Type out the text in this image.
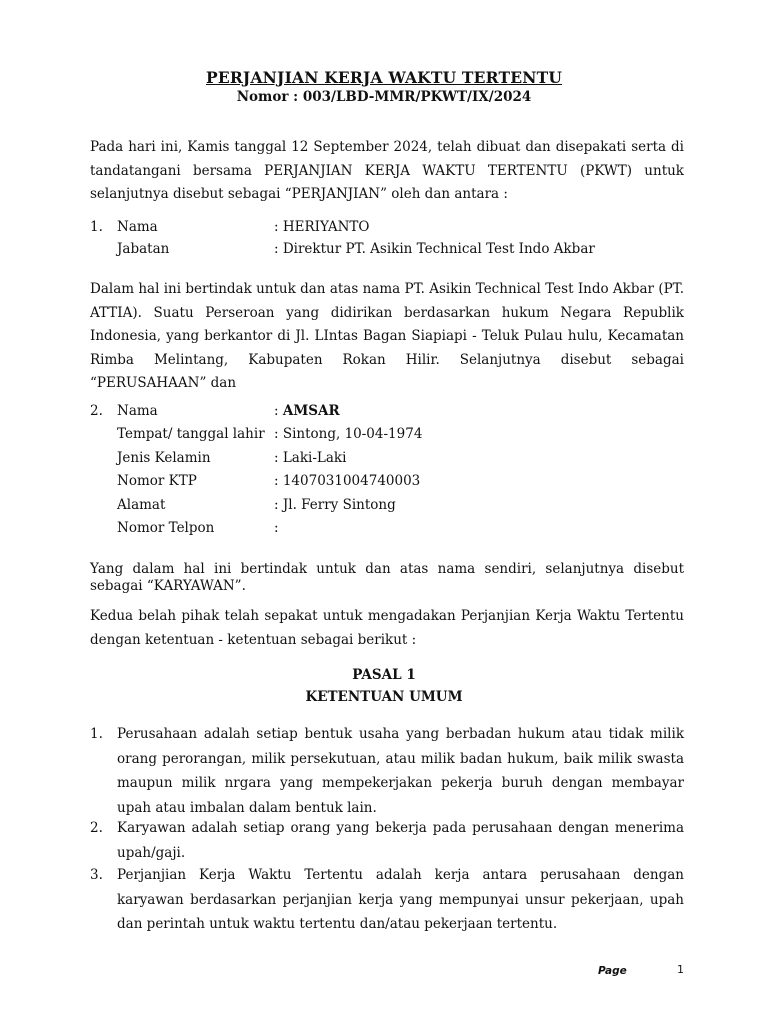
PERJANJIAN KERJA WAKTU TERTENTU
Nomor : 003/LBD-MMR/PKWT/IX/2024
Pada hari ini, Kamis tanggal 12 September 2024, telah dibuat dan disepakati serta di tandatangani bersama PERJANJIAN KERJA WAKTU TERTENTU (PKWT) untuk selanjutnya disebut sebagai “PERJANJIAN” oleh dan antara :
1. Nama	: HERIYANTO
Jabatan	: Direktur PT. Asikin Technical Test Indo Akbar
Dalam hal ini bertindak untuk dan atas nama PT. Asikin Technical Test Indo Akbar (PT. ATTIA). Suatu Perseroan yang didirikan berdasarkan hukum Negara Republik Indonesia, yang berkantor di Jl. LIntas Bagan Siapiapi - Teluk Pulau hulu, Kecamatan Rimba Melintang, Kabupaten Rokan Hilir. Selanjutnya disebut sebagai “PERUSAHAAN” dan
2. Nama	: AMSAR
Tempat/ tanggal lahir : Sintong, 10-04-1974
Jenis Kelamin	: Laki-Laki
Nomor KTP	: 1407031004740003
Alamat	: Jl. Ferry Sintong
Nomor Telpon	:
Yang dalam hal ini bertindak untuk dan atas nama sendiri, selanjutnya disebut sebagai “KARYAWAN”.
Kedua belah pihak telah sepakat untuk mengadakan Perjanjian Kerja Waktu Tertentu dengan ketentuan - ketentuan sebagai berikut :
PASAL 1
KETENTUAN UMUM
1. Perusahaan adalah setiap bentuk usaha yang berbadan hukum atau tidak milik orang perorangan, milik persekutuan, atau milik badan hukum, baik milik swasta maupun milik nrgara yang mempekerjakan pekerja buruh dengan membayar upah atau imbalan dalam bentuk lain.
2. Karyawan adalah setiap orang yang bekerja pada perusahaan dengan menerima upah/gaji.
3. Perjanjian Kerja Waktu Tertentu adalah kerja antara perusahaan dengan karyawan berdasarkan perjanjian kerja yang mempunyai unsur pekerjaan, upah dan perintah untuk waktu tertentu dan/atau pekerjaan tertentu.
Page	1
